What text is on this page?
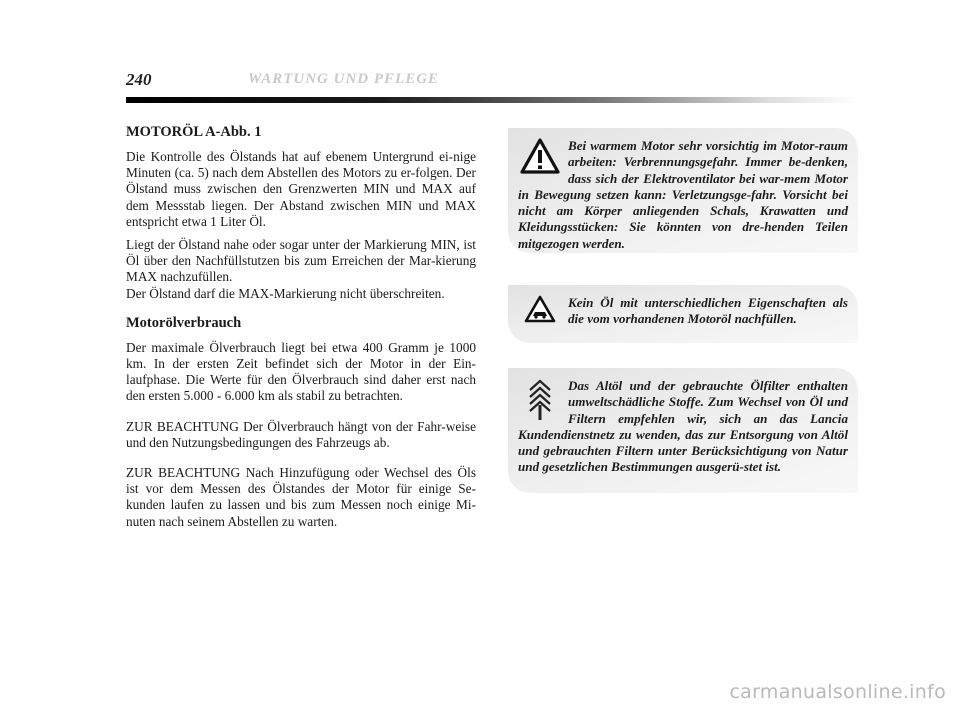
240	WARTUNG UND PFLEGE
MOTORÖL A-Abb. 1

Die Kontrolle des Ölstands hat auf ebenem Untergrund ei-nige Minuten (ca. 5) nach dem Abstellen des Motors zu er-folgen. Der Ölstand muss zwischen den Grenzwerten MIN und MAX auf dem Messstab liegen. Der Abstand zwischen MIN und MAX entspricht etwa 1 Liter Öl.

Liegt der Ölstand nahe oder sogar unter der Markierung MIN, ist Öl über den Nachfüllstutzen bis zum Erreichen der Mar-kierung MAX nachzufüllen.

Der Ölstand darf die MAX-Markierung nicht überschreiten.

Motorölverbrauch

Der maximale Ölverbrauch liegt bei etwa 400 Gramm je 1000 km. In der ersten Zeit befindet sich der Motor in der Ein-laufphase. Die Werte für den Ölverbrauch sind daher erst nach den ersten 5.000 - 6.000 km als stabil zu betrachten.

ZUR BEACHTUNG Der Ölverbrauch hängt von der Fahr-weise und den Nutzungsbedingungen des Fahrzeugs ab.

ZUR BEACHTUNG Nach Hinzufügung oder Wechsel des Öls ist vor dem Messen des Ölstandes der Motor für einige Se-kunden laufen zu lassen und bis zum Messen noch einige Mi-nuten nach seinem Abstellen zu warten.

Bei warmem Motor sehr vorsichtig im Motor-raum arbeiten: Verbrennungsgefahr. Immer be-denken, dass sich der Elektroventilator bei war-mem Motor in Bewegung setzen kann: Verletzungsge-fahr. Vorsicht bei nicht am Körper anliegenden Schals, Krawatten und Kleidungsstücken: Sie könnten von dre-henden Teilen mitgezogen werden.

Kein Öl mit unterschiedlichen Eigenschaften als die vom vorhandenen Motoröl nachfüllen.

Das Altöl und der gebrauchte Ölfilter enthalten umweltschädliche Stoffe. Zum Wechsel von Öl und Filtern empfehlen wir, sich an das Lancia Kundendienstnetz zu wenden, das zur Entsorgung von Altöl und gebrauchten Filtern unter Berücksichtigung von Natur und gesetzlichen Bestimmungen ausgerü-stet ist.

carmanualsonline.info
